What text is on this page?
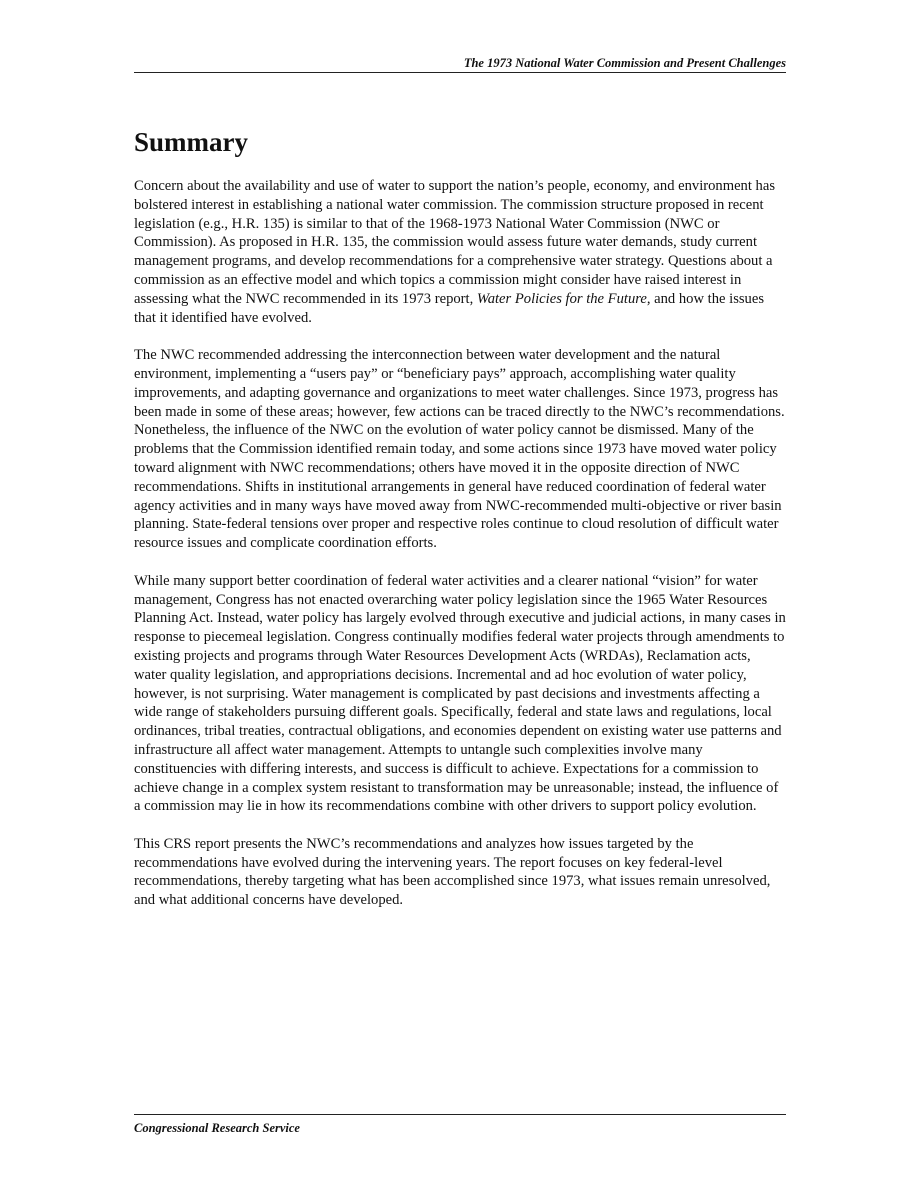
The 1973 National Water Commission and Present Challenges
Summary

Concern about the availability and use of water to support the nation’s people, economy, and environment has bolstered interest in establishing a national water commission. The commission structure proposed in recent legislation (e.g., H.R. 135) is similar to that of the 1968-1973 National Water Commission (NWC or Commission). As proposed in H.R. 135, the commission would assess future water demands, study current management programs, and develop recommendations for a comprehensive water strategy. Questions about a commission as an effective model and which topics a commission might consider have raised interest in assessing what the NWC recommended in its 1973 report, Water Policies for the Future, and how the issues that it identified have evolved.

The NWC recommended addressing the interconnection between water development and the natural environment, implementing a “users pay” or “beneficiary pays” approach, accomplishing water quality improvements, and adapting governance and organizations to meet water challenges. Since 1973, progress has been made in some of these areas; however, few actions can be traced directly to the NWC’s recommendations. Nonetheless, the influence of the NWC on the evolution of water policy cannot be dismissed. Many of the problems that the Commission identified remain today, and some actions since 1973 have moved water policy toward alignment with NWC recommendations; others have moved it in the opposite direction of NWC recommendations. Shifts in institutional arrangements in general have reduced coordination of federal water agency activities and in many ways have moved away from NWC-recommended multi-objective or river basin planning. State-federal tensions over proper and respective roles continue to cloud resolution of difficult water resource issues and complicate coordination efforts.

While many support better coordination of federal water activities and a clearer national “vision” for water management, Congress has not enacted overarching water policy legislation since the 1965 Water Resources Planning Act. Instead, water policy has largely evolved through executive and judicial actions, in many cases in response to piecemeal legislation. Congress continually modifies federal water projects through amendments to existing projects and programs through Water Resources Development Acts (WRDAs), Reclamation acts, water quality legislation, and appropriations decisions. Incremental and ad hoc evolution of water policy, however, is not surprising. Water management is complicated by past decisions and investments affecting a wide range of stakeholders pursuing different goals. Specifically, federal and state laws and regulations, local ordinances, tribal treaties, contractual obligations, and economies dependent on existing water use patterns and infrastructure all affect water management. Attempts to untangle such complexities involve many constituencies with differing interests, and success is difficult to achieve. Expectations for a commission to achieve change in a complex system resistant to transformation may be unreasonable; instead, the influence of a commission may lie in how its recommendations combine with other drivers to support policy evolution.

This CRS report presents the NWC’s recommendations and analyzes how issues targeted by the recommendations have evolved during the intervening years. The report focuses on key federal-level recommendations, thereby targeting what has been accomplished since 1973, what issues remain unresolved, and what additional concerns have developed.

Congressional Research Service
